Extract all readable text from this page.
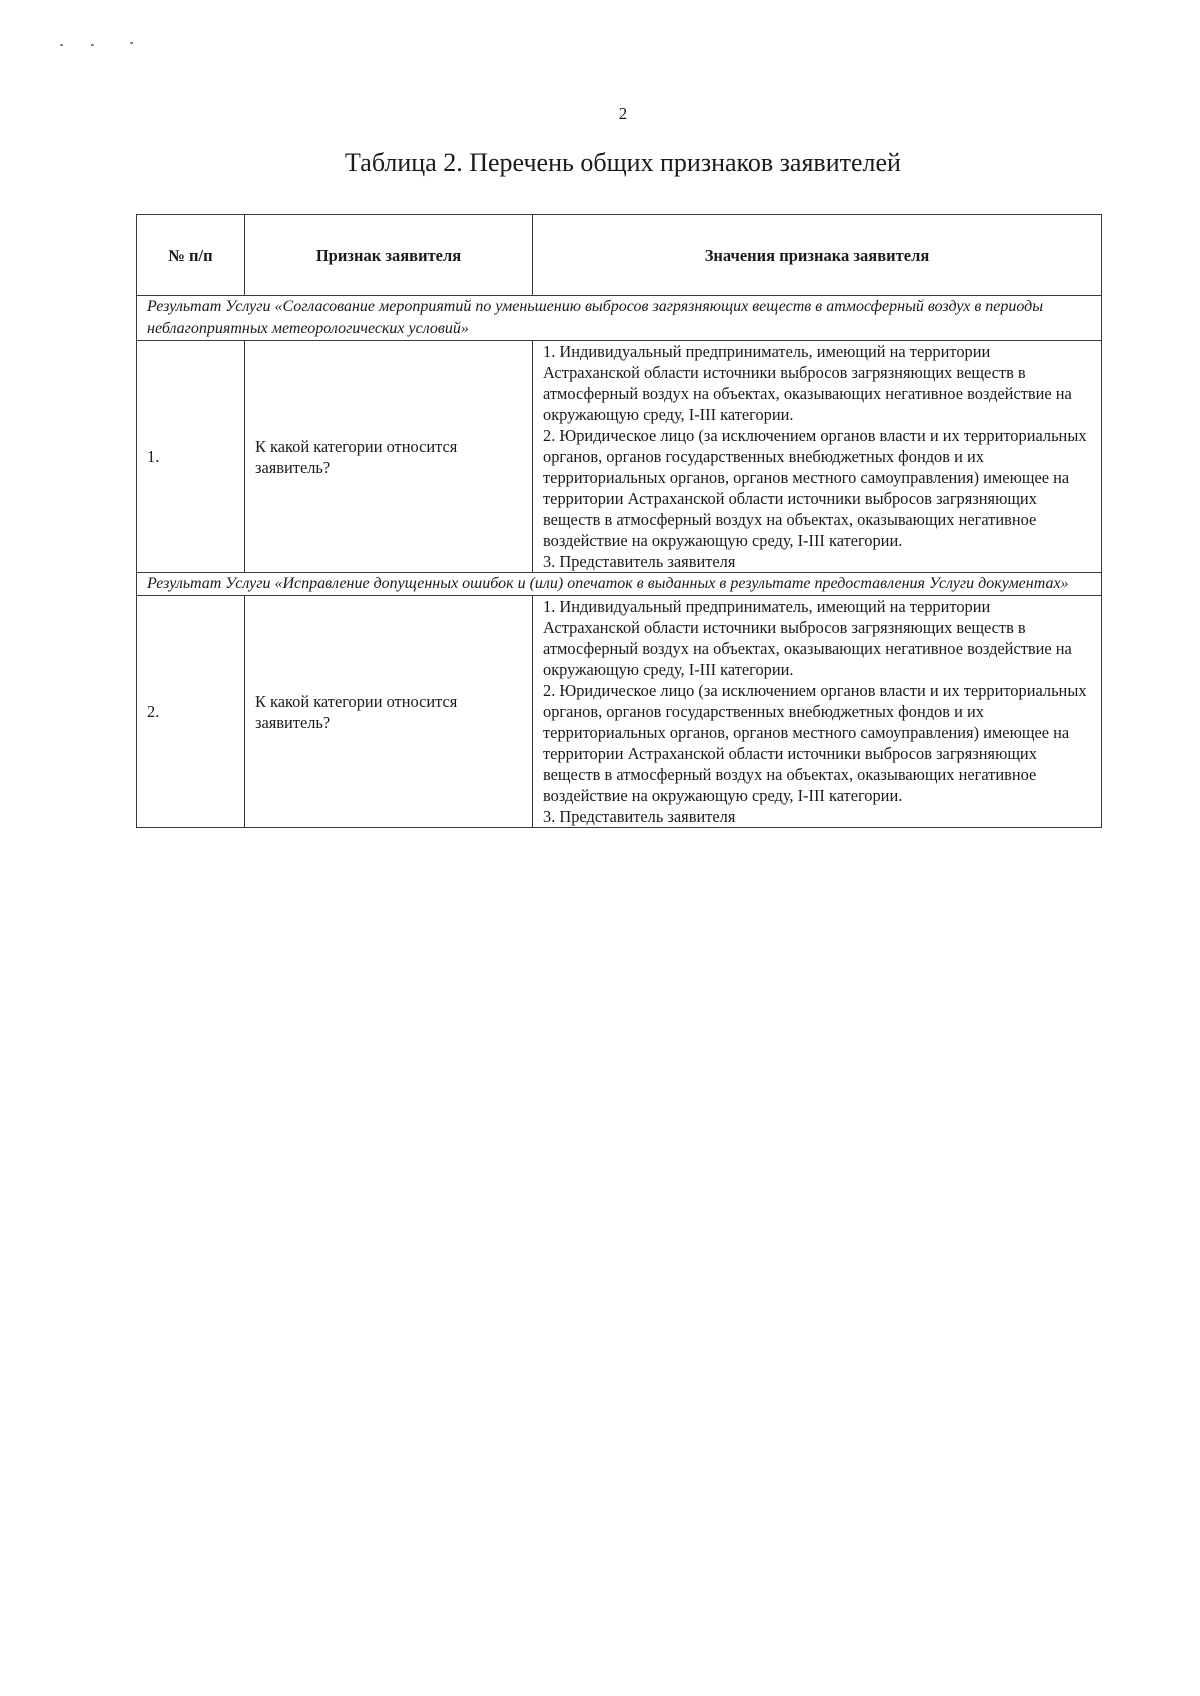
2
Таблица 2. Перечень общих признаков заявителей
№ п/п	Признак заявителя	Значения признака заявителя
Результат Услуги «Согласование мероприятий по уменьшению выбросов загрязняющих веществ в атмосферный воздух в периоды неблагоприятных метеорологических условий»		
1.	К какой категории относится заявитель?	1. Индивидуальный предприниматель, имеющий на территории Астраханской области источники выбросов загрязняющих веществ в атмосферный воздух на объектах, оказывающих негативное воздействие на окружающую среду, I-III категории.
2. Юридическое лицо (за исключением органов власти и их территориальных органов, органов государственных внебюджетных фондов и их территориальных органов, органов местного самоуправления) имеющее на территории Астраханской области источники выбросов загрязняющих веществ в атмосферный воздух на объектах, оказывающих негативное воздействие на окружающую среду, I-III категории.
3. Представитель заявителя

Результат Услуги «Исправление допущенных ошибок и (или) опечаток в выданных в результате предоставления Услуги документах»		
2.	К какой категории относится заявитель?	1. Индивидуальный предприниматель, имеющий на территории Астраханской области источники выбросов загрязняющих веществ в атмосферный воздух на объектах, оказывающих негативное воздействие на окружающую среду, I-III категории.
2. Юридическое лицо (за исключением органов власти и их территориальных органов, органов государственных внебюджетных фондов и их территориальных органов, органов местного самоуправления) имеющее на территории Астраханской области источники выбросов загрязняющих веществ в атмосферный воздух на объектах, оказывающих негативное воздействие на окружающую среду, I-III категории.
3. Представитель заявителя
